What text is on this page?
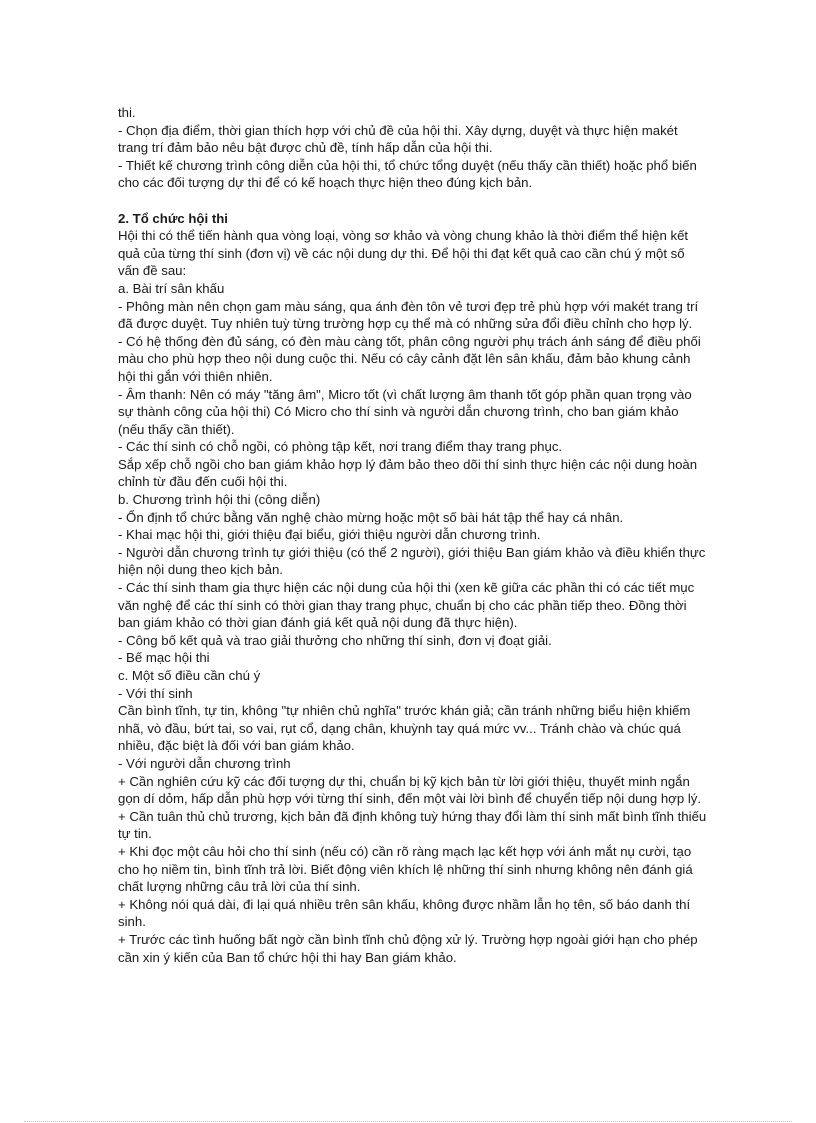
thi.

- Chọn địa điểm, thời gian thích hợp với chủ đề của hội thi. Xây dựng, duyệt và thực hiện makét trang trí đảm bảo nêu bật được chủ đề, tính hấp dẫn của hội thi.

- Thiết kế chương trình công diễn của hội thi, tổ chức tổng duyệt (nếu thấy cần thiết) hoặc phổ biến cho các đối tượng dự thi để có kế hoạch thực hiện theo đúng kịch bản.

2. Tổ chức hội thi

Hội thi có thể tiến hành qua vòng loại, vòng sơ khảo và vòng chung khảo là thời điểm thể hiện kết quả của từng thí sinh (đơn vị) về các nội dung dự thi. Để hội thi đạt kết quả cao cần chú ý một số vấn đề sau:

a. Bài trí sân khấu

- Phông màn nên chọn gam màu sáng, qua ánh đèn tôn vẻ tươi đẹp trẻ phù hợp với makét trang trí đã được duyệt. Tuy nhiên tuỳ từng trường hợp cụ thể mà có những sửa đổi điều chỉnh cho hợp lý.

- Có hệ thống đèn đủ sáng, có đèn màu càng tốt, phân công người phụ trách ánh sáng để điều phối màu cho phù hợp theo nội dung cuộc thi. Nếu có cây cảnh đặt lên sân khấu, đảm bảo khung cảnh hội thi gắn với thiên nhiên.

- Âm thanh: Nên có máy "tăng âm", Micro tốt (vì chất lượng âm thanh tốt góp phần quan trọng vào sự thành công của hội thi) Có Micro cho thí sinh và người dẫn chương trình, cho ban giám khảo (nếu thấy cần thiết).

- Các thí sinh có chỗ ngồi, có phòng tập kết, nơi trang điểm thay trang phục.

Sắp xếp chỗ ngồi cho ban giám khảo hợp lý đảm bảo theo dõi thí sinh thực hiện các nội dung hoàn chỉnh từ đầu đến cuối hội thi.

b. Chương trình hội thi (công diễn)

- Ổn định tổ chức bằng văn nghệ chào mừng hoặc một số bài hát tập thể hay cá nhân.

- Khai mạc hội thi, giới thiệu đại biểu, giới thiệu người dẫn chương trình.

- Người dẫn chương trình tự giới thiệu (có thể 2 người), giới thiệu Ban giám khảo và điều khiển thực hiện nội dung theo kịch bản.

- Các thí sinh tham gia thực hiện các nội dung của hội thi (xen kẽ giữa các phần thi có các tiết mục văn nghệ để các thí sinh có thời gian thay trang phục, chuẩn bị cho các phần tiếp theo. Đồng thời ban giám khảo có thời gian đánh giá kết quả nội dung đã thực hiện).

- Công bố kết quả và trao giải thưởng cho những thí sinh, đơn vị đoạt giải.

- Bế mạc hội thi

c. Một số điều cần chú ý

- Với thí sinh

Cần bình tĩnh, tự tin, không "tự nhiên chủ nghĩa" trước khán giả; cần tránh những biểu hiện khiếm nhã, vò đầu, bứt tai, so vai, rụt cổ, dạng chân, khuỳnh tay quá mức vv... Tránh chào và chúc quá nhiều, đặc biệt là đối với ban giám khảo.

- Với người dẫn chương trình

+ Cần nghiên cứu kỹ các đối tượng dự thi, chuẩn bị kỹ kịch bản từ lời giới thiệu, thuyết minh ngắn gọn dí dỏm, hấp dẫn phù hợp với từng thí sinh, đến một vài lời bình để chuyển tiếp nội dung hợp lý.

+ Cần tuân thủ chủ trương, kịch bản đã định không tuỳ hứng thay đổi làm thí sinh mất bình tĩnh thiếu tự tin.

+ Khi đọc một câu hỏi cho thí sinh (nếu có) cần rõ ràng mạch lạc kết hợp với ánh mắt nụ cười, tạo cho họ niềm tin, bình tĩnh trả lời. Biết động viên khích lệ những thí sinh nhưng không nên đánh giá chất lượng những câu trả lời của thí sinh.

+ Không nói quá dài, đi lại quá nhiều trên sân khấu, không được nhầm lẫn họ tên, số báo danh thí sinh.

+ Trước các tình huống bất ngờ cần bình tĩnh chủ động xử lý. Trường hợp ngoài giới hạn cho phép cần xin ý kiến của Ban tổ chức hội thi hay Ban giám khảo.
